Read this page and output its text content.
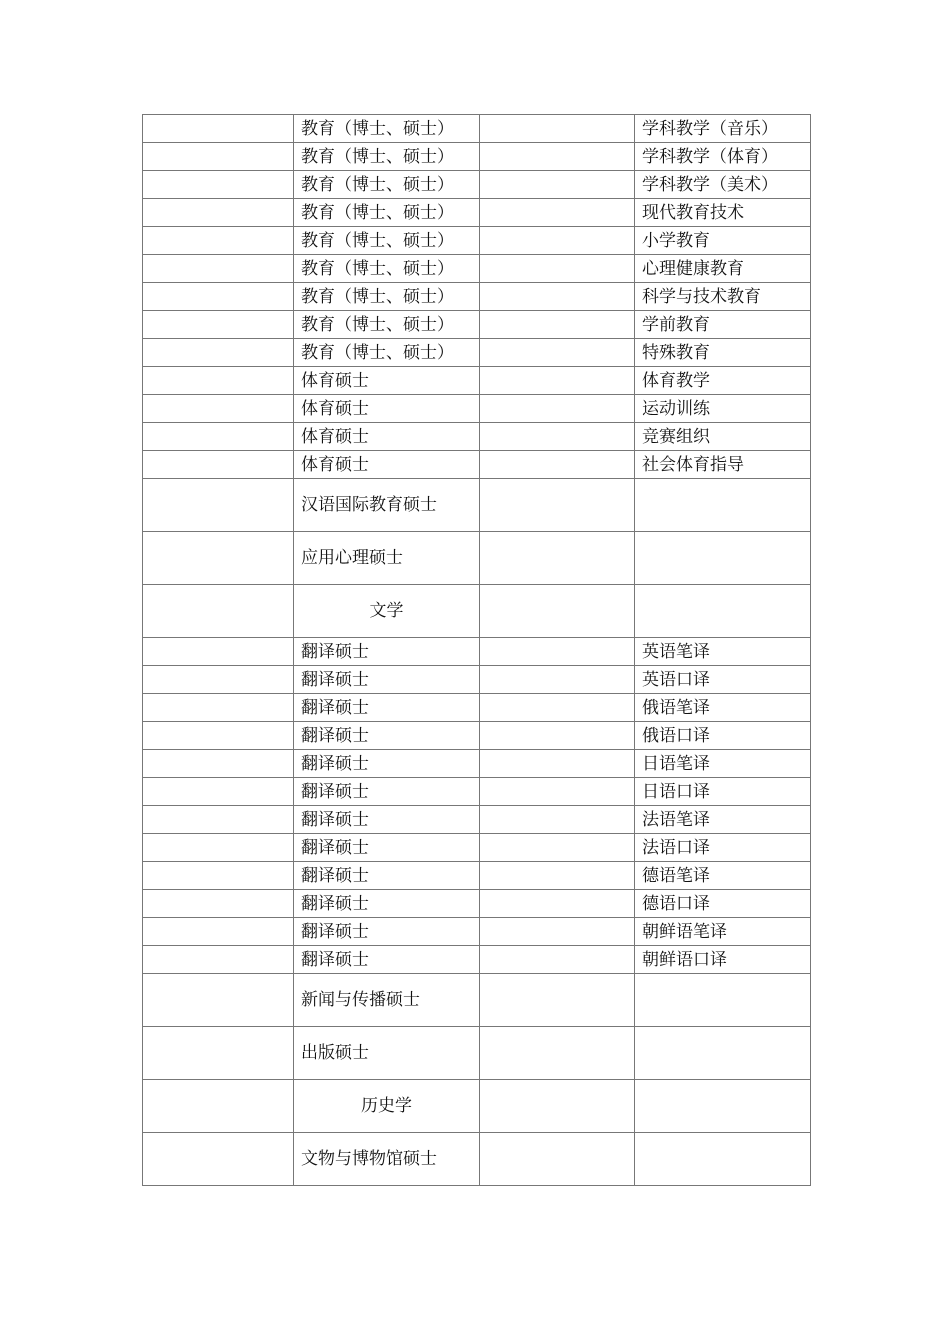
	教育（博士、硕士）		学科教学（音乐）
	教育（博士、硕士）		学科教学（体育）
	教育（博士、硕士）		学科教学（美术）
	教育（博士、硕士）		现代教育技术
	教育（博士、硕士）		小学教育
	教育（博士、硕士）		心理健康教育
	教育（博士、硕士）		科学与技术教育
	教育（博士、硕士）		学前教育
	教育（博士、硕士）		特殊教育
	体育硕士		体育教学
	体育硕士		运动训练
	体育硕士		竞赛组织
	体育硕士		社会体育指导
	汉语国际教育硕士		
	应用心理硕士		
	文学		
	翻译硕士		英语笔译
	翻译硕士		英语口译
	翻译硕士		俄语笔译
	翻译硕士		俄语口译
	翻译硕士		日语笔译
	翻译硕士		日语口译
	翻译硕士		法语笔译
	翻译硕士		法语口译
	翻译硕士		德语笔译
	翻译硕士		德语口译
	翻译硕士		朝鲜语笔译
	翻译硕士		朝鲜语口译
	新闻与传播硕士		
	出版硕士		
	历史学		
	文物与博物馆硕士		
